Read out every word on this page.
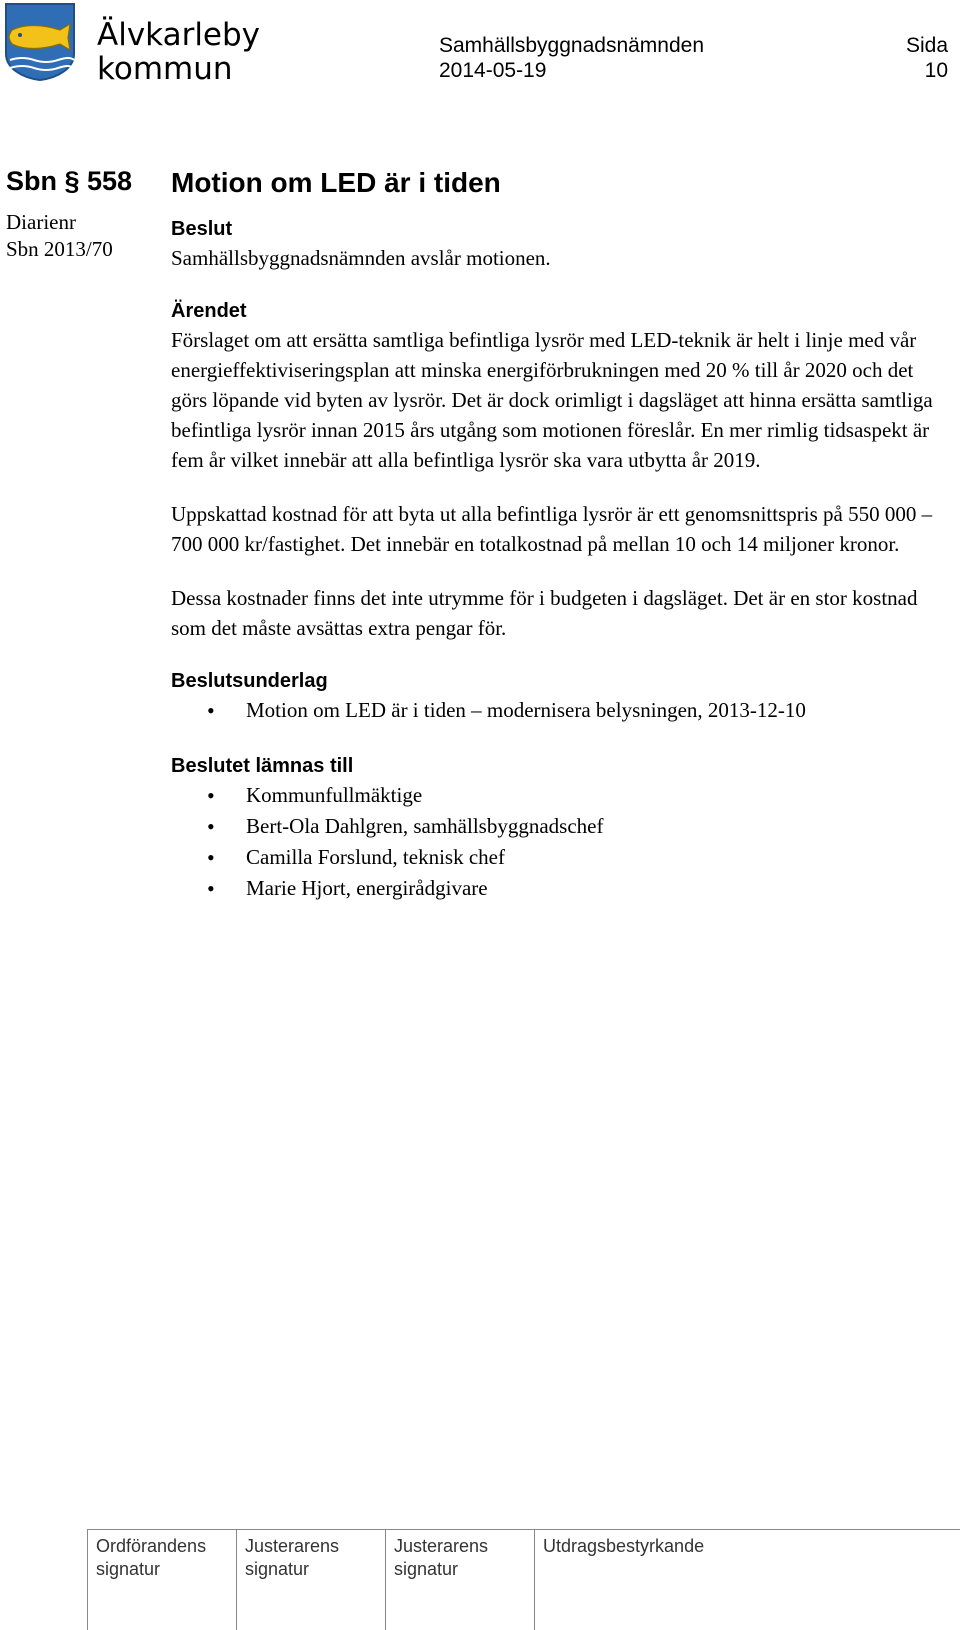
Älvkarleby
kommun
Samhällsbyggnadsnämnden
2014-05-19
Sida
10
Sbn § 558
Diarienr
Sbn 2013/70
Motion om LED är i tiden
Beslut

Samhällsbyggnadsnämnden avslår motionen.

Ärendet

Förslaget om att ersätta samtliga befintliga lysrör med LED-teknik är helt i linje med vår energieffektiviseringsplan att minska energiförbrukningen med 20 % till år 2020 och det görs löpande vid byten av lysrör. Det är dock orimligt i dagsläget att hinna ersätta samtliga befintliga lysrör innan 2015 års utgång som motionen föreslår. En mer rimlig tidsaspekt är fem år vilket innebär att alla befintliga lysrör ska vara utbytta år 2019.

Uppskattad kostnad för att byta ut alla befintliga lysrör är ett genomsnittspris på 550 000 – 700 000 kr/fastighet. Det innebär en totalkostnad på mellan 10 och 14 miljoner kronor.

Dessa kostnader finns det inte utrymme för i budgeten i dagsläget. Det är en stor kostnad som det måste avsättas extra pengar för.

Beslutsunderlag
• Motion om LED är i tiden – modernisera belysningen, 2013-12-10
Beslutet lämnas till
• Kommunfullmäktige
• Bert-Ola Dahlgren, samhällsbyggnadschef
• Camilla Forslund, teknisk chef
• Marie Hjort, energirådgivare
Ordförandens
signatur
Justerarens
signatur
Justerarens
signatur
Utdragsbestyrkande
